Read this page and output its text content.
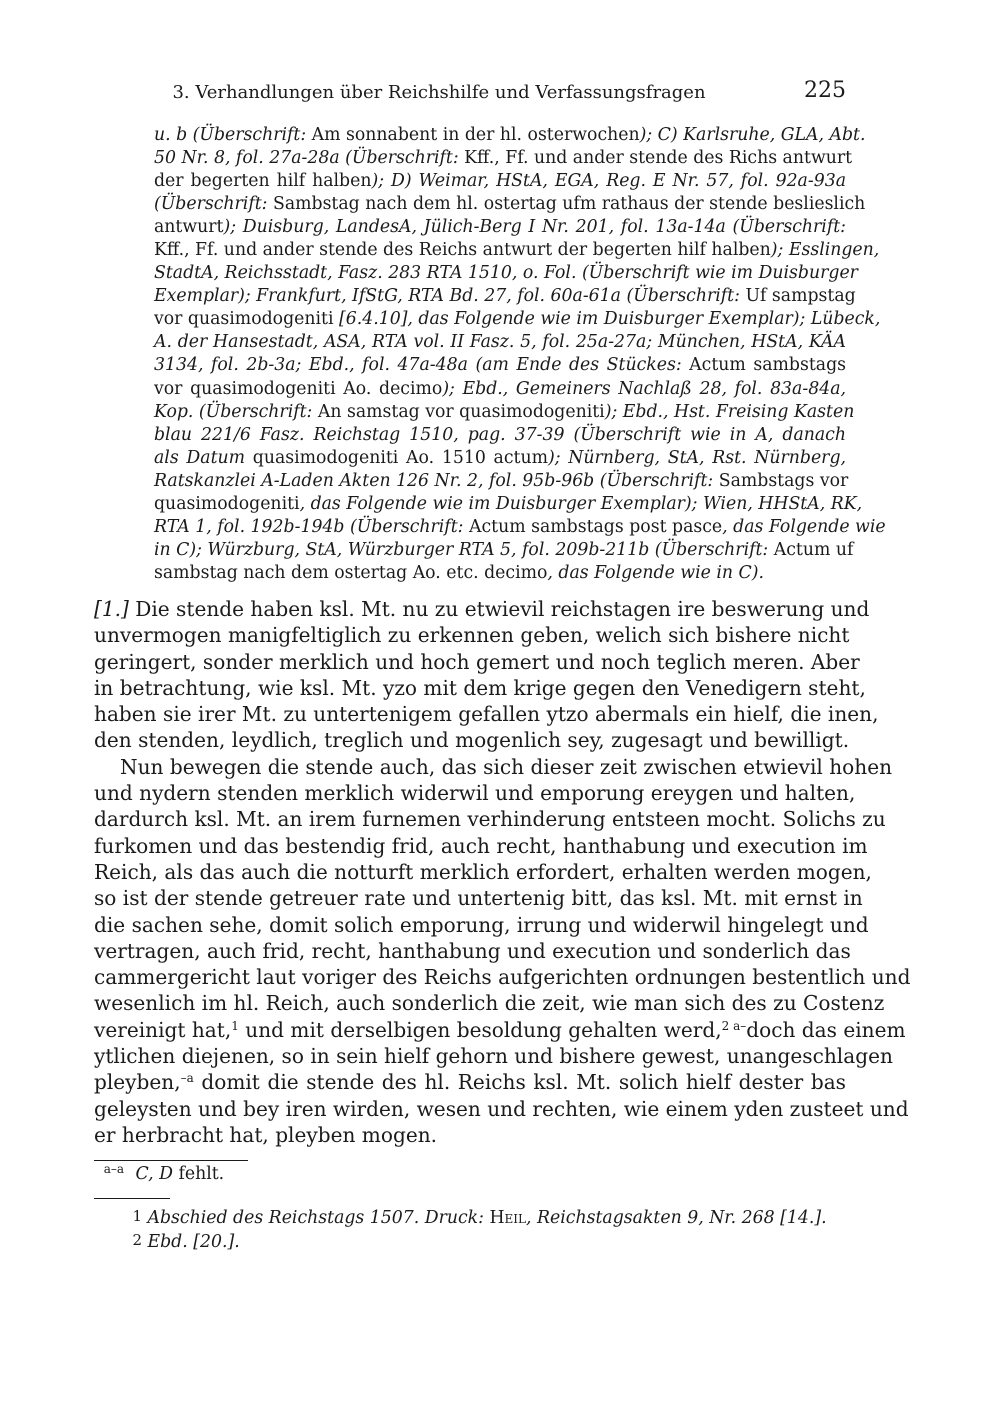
3. Verhandlungen über Reichshilfe und Verfassungsfragen	225
u. b (Überschrift: Am sonnabent in der hl. osterwochen); C) Karlsruhe, GLA, Abt.
50 Nr. 8, fol. 27a-28a (Überschrift: Kff., Ff. und ander stende des Richs antwurt
der begerten hilf halben); D) Weimar, HStA, EGA, Reg. E Nr. 57, fol. 92a-93a
(Überschrift: Sambstag nach dem hl. ostertag ufm rathaus der stende beslieslich
antwurt); Duisburg, LandesA, Jülich-Berg I Nr. 201, fol. 13a-14a (Überschrift:
Kff., Ff. und ander stende des Reichs antwurt der begerten hilf halben); Esslingen,
StadtA, Reichsstadt, Fasz. 283 RTA 1510, o. Fol. (Überschrift wie im Duisburger
Exemplar); Frankfurt, IfStG, RTA Bd. 27, fol. 60a-61a (Überschrift: Uf sampstag
vor quasimodogeniti [6.4.10], das Folgende wie im Duisburger Exemplar); Lübeck,
A. der Hansestadt, ASA, RTA vol. II Fasz. 5, fol. 25a-27a; München, HStA, KÄA
3134, fol. 2b-3a; Ebd., fol. 47a-48a (am Ende des Stückes: Actum sambstags
vor quasimodogeniti Ao. decimo); Ebd., Gemeiners Nachlaß 28, fol. 83a-84a,
Kop. (Überschrift: An samstag vor quasimodogeniti); Ebd., Hst. Freising Kasten
blau 221/6 Fasz. Reichstag 1510, pag. 37-39 (Überschrift wie in A, danach
als Datum quasimodogeniti Ao. 1510 actum); Nürnberg, StA, Rst. Nürnberg,
Ratskanzlei A-Laden Akten 126 Nr. 2, fol. 95b-96b (Überschrift: Sambstags vor
quasimodogeniti, das Folgende wie im Duisburger Exemplar); Wien, HHStA, RK,
RTA 1, fol. 192b-194b (Überschrift: Actum sambstags post pasce, das Folgende wie
in C); Würzburg, StA, Würzburger RTA 5, fol. 209b-211b (Überschrift: Actum uf
sambstag nach dem ostertag Ao. etc. decimo, das Folgende wie in C).
[1.] Die stende haben ksl. Mt. nu zu etwievil reichstagen ire beswerung und
unvermogen manigfeltiglich zu erkennen geben, welich sich bishere nicht
geringert, sonder merklich und hoch gemert und noch teglich meren. Aber
in betrachtung, wie ksl. Mt. yzo mit dem krige gegen den Venedigern steht,
haben sie irer Mt. zu untertenigem gefallen ytzo abermals ein hielf, die inen,
den stenden, leydlich, treglich und mogenlich sey, zugesagt und bewilligt.
Nun bewegen die stende auch, das sich dieser zeit zwischen etwievil hohen
und nydern stenden merklich widerwil und emporung ereygen und halten,
dardurch ksl. Mt. an irem furnemen verhinderung entsteen mocht. Solichs zu
furkomen und das bestendig frid, auch recht, hanthabung und execution im
Reich, als das auch die notturft merklich erfordert, erhalten werden mogen,
so ist der stende getreuer rate und untertenig bitt, das ksl. Mt. mit ernst in
die sachen sehe, domit solich emporung, irrung und widerwil hingelegt und
vertragen, auch frid, recht, hanthabung und execution und sonderlich das
cammergericht laut voriger des Reichs aufgerichten ordnungen bestentlich und
wesenlich im hl. Reich, auch sonderlich die zeit, wie man sich des zu Costenz
vereinigt hat,$^1$ und mit derselbigen besoldung gehalten werd,$^2$ $^{a-}$doch das einem
ytlichen diejenen, so in sein hielf gehorn und bishere gewest, unangeschlagen
pleyben,$^{-a}$ domit die stende des hl. Reichs ksl. Mt. solich hielf dester bas
geleysten und bey iren wirden, wesen und rechten, wie einem yden zusteet und
er herbracht hat, pleyben mogen.
a–a C, D fehlt.
1 Abschied des Reichstags 1507. Druck: Heil, Reichstagsakten 9, Nr. 268 [14.].
2 Ebd. [20.].
